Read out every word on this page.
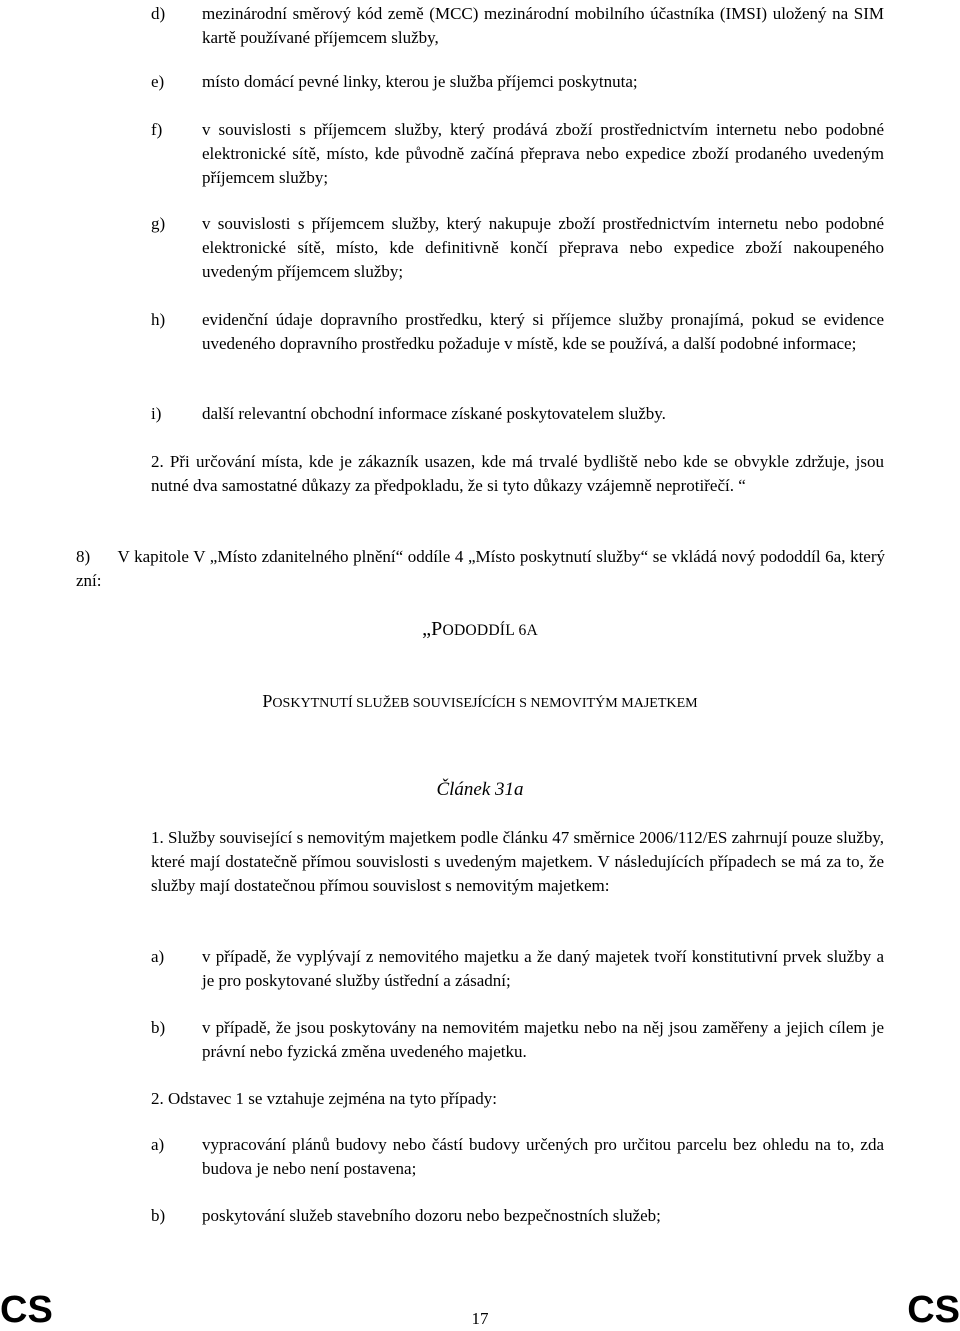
d) mezinárodní směrový kód země (MCC) mezinárodní mobilního účastníka (IMSI) uložený na SIM kartě používané příjemcem služby,
e) místo domácí pevné linky, kterou je služba příjemci poskytnuta;
f) v souvislosti s příjemcem služby, který prodává zboží prostřednictvím internetu nebo podobné elektronické sítě, místo, kde původně začíná přeprava nebo expedice zboží prodaného uvedeným příjemcem služby;
g) v souvislosti s příjemcem služby, který nakupuje zboží prostřednictvím internetu nebo podobné elektronické sítě, místo, kde definitivně končí přeprava nebo expedice zboží nakoupeného uvedeným příjemcem služby;
h) evidenční údaje dopravního prostředku, který si příjemce služby pronajímá, pokud se evidence uvedeného dopravního prostředku požaduje v místě, kde se používá, a další podobné informace;
i) další relevantní obchodní informace získané poskytovatelem služby.
2. Při určování místa, kde je zákazník usazen, kde má trvalé bydliště nebo kde se obvykle zdržuje, jsou nutné dva samostatné důkazy za předpokladu, že si tyto důkazy vzájemně neprotiřečí. “
8)      V kapitole V „Místo zdanitelného plnění“ oddíle 4 „Místo poskytnutí služby“ se vkládá nový pododdíl 6a, který zní:
„PODODDÍL 6A
POSKYTNUTÍ SLUŽEB SOUVISEJÍCÍCH S NEMOVITÝM MAJETKEM
Článek 31a
1. Služby související s nemovitým majetkem podle článku 47 směrnice 2006/112/ES zahrnují pouze služby, které mají dostatečně přímou souvislosti s uvedeným majetkem. V následujících případech se má za to, že služby mají dostatečnou přímou souvislost s nemovitým majetkem:
a) v případě, že vyplývají z nemovitého majetku a že daný majetek tvoří konstitutivní prvek služby a je pro poskytované služby ústřední a zásadní;
b) v případě, že jsou poskytovány na nemovitém majetku nebo na něj jsou zaměřeny a jejich cílem je právní nebo fyzická změna uvedeného majetku.
2. Odstavec 1 se vztahuje zejména na tyto případy:
a) vypracování plánů budovy nebo částí budovy určených pro určitou parcelu bez ohledu na to, zda budova je nebo není postavena;
b) poskytování služeb stavebního dozoru nebo bezpečnostních služeb;
CS	17	CS
